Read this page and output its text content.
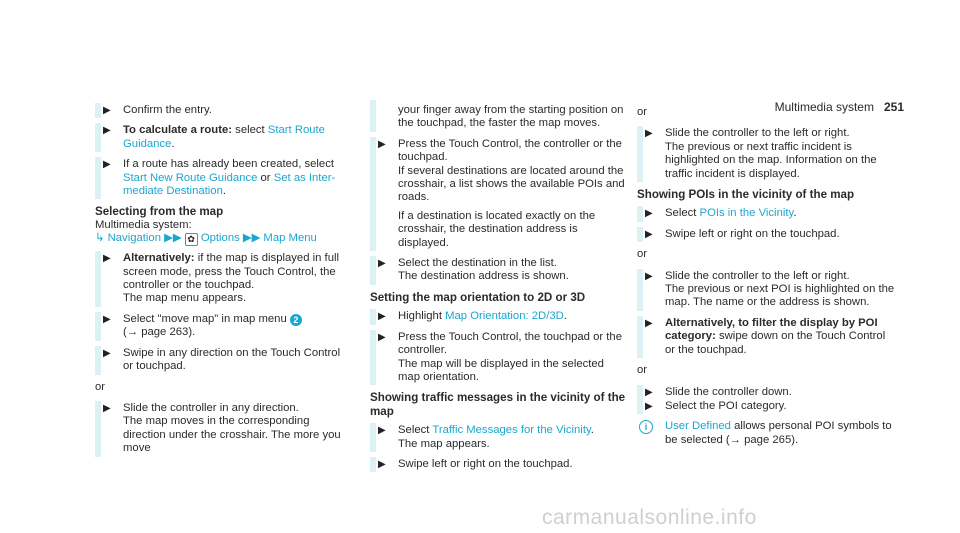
Multimedia system 251
▶ Confirm the entry.
▶ To calculate a route: select Start Route Guidance.
▶ If a route has already been created, select Start New Route Guidance or Set as Inter-mediate Destination.
Selecting from the map
Multimedia system:
↳ Navigation ▶▶ ✿ Options ▶▶ Map Menu
▶ Alternatively: if the map is displayed in full screen mode, press the Touch Control, the controller or the touchpad.
The map menu appears.
▶ Select "move map" in map menu 2
(→ page 263).
▶ Swipe in any direction on the Touch Control or touchpad.
or
▶ Slide the controller in any direction.
The map moves in the corresponding direction under the crosshair. The more you move
your finger away from the starting position on the touchpad, the faster the map moves.
▶ Press the Touch Control, the controller or the touchpad.
If several destinations are located around the crosshair, a list shows the available POIs and roads.
If a destination is located exactly on the crosshair, the destination address is displayed.
▶ Select the destination in the list.
The destination address is shown.
Setting the map orientation to 2D or 3D
▶ Highlight Map Orientation: 2D/3D.
▶ Press the Touch Control, the touchpad or the controller.
The map will be displayed in the selected map orientation.
Showing traffic messages in the vicinity of the map
▶ Select Traffic Messages for the Vicinity.
The map appears.
▶ Swipe left or right on the touchpad.
or
▶ Slide the controller to the left or right.
The previous or next traffic incident is highlighted on the map. Information on the traffic incident is displayed.
Showing POIs in the vicinity of the map
▶ Select POIs in the Vicinity.
▶ Swipe left or right on the touchpad.
or
▶ Slide the controller to the left or right.
The previous or next POI is highlighted on the map. The name or the address is shown.
▶ Alternatively, to filter the display by POI category: swipe down on the Touch Control or the touchpad.
or
▶ Slide the controller down.
▶ Select the POI category.
i	User Defined allows personal POI symbols to be selected (→ page 265).
carmanualsonline.info
